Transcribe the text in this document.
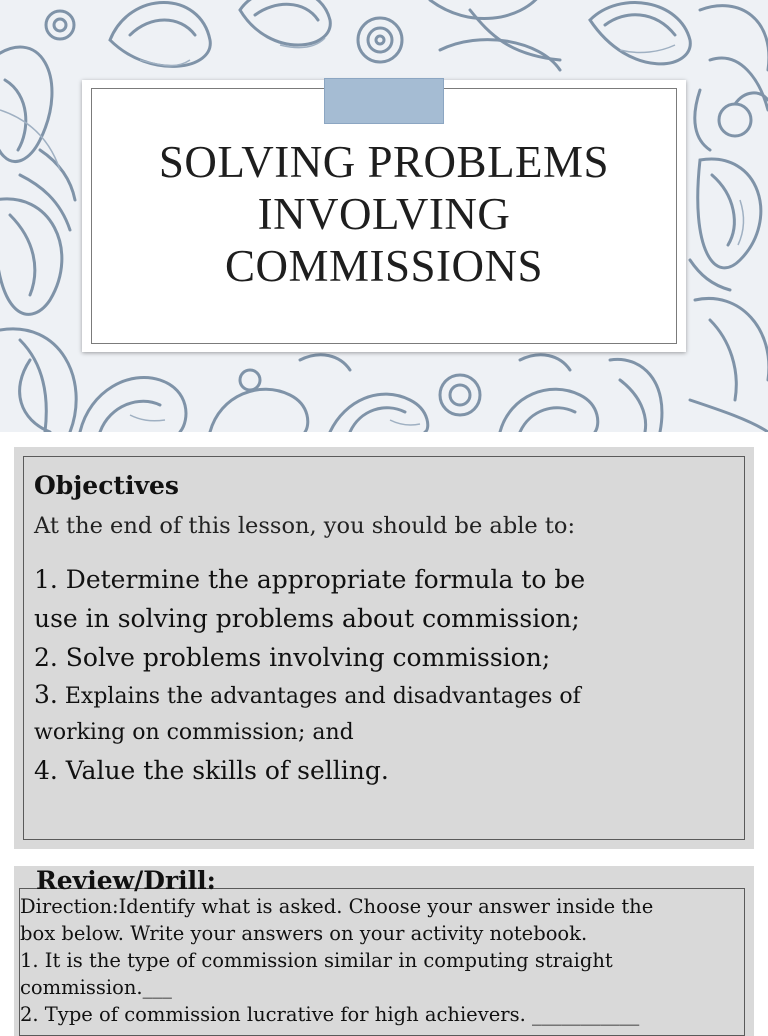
SOLVING PROBLEMS
INVOLVING
COMMISSIONS
Objectives
At the end of this lesson, you should be able to:
1. Determine the appropriate formula to be
use in solving problems about commission;
2. Solve problems involving commission;
3. Explains the advantages and disadvantages of
working on commission; and
4. Value the skills of selling.
Review/Drill:
Direction:Identify what is asked. Choose your answer inside the
box below. Write your answers on your activity notebook.
1. It is the type of commission similar in computing straight
commission.___
2. Type of commission lucrative for high achievers. ___________
